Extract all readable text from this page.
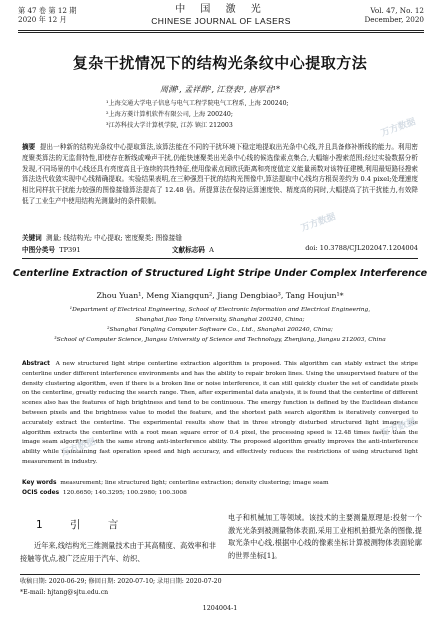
第 47 卷 第 12 期
2020 年 12 月
中 国 激 光
CHINESE JOURNAL OF LASERS
Vol. 47, No. 12
December, 2020
复杂干扰情况下的结构光条纹中心提取方法
周渊¹, 孟祥群², 江登表³, 唐厚君¹*
¹上海交通大学电子信息与电气工程学院电气工程系, 上海 200240;
²上海方菱计算机软件有限公司, 上海 200240;
³江苏科技大学计算机学院, 江苏 镇江 212003
摘要 提出一种新的结构光条纹中心提取算法,该算法能在不同的干扰环境下稳定地提取出光条中心线,并且具备修补断线的能力。利用密度聚类算法的无监督特性,即使存在断线或噪声干扰,仍能快速聚类出光条中心线的候选像素点集合,大幅缩小搜索范围;经过实验数据分析发现,不同场景的中心线还具有亮度高且于连续的共性特征,使用像素点间欧氏距离和亮度值定义能量函数对该特征建模,利用最短路径搜索算法迭代收敛实现中心线精确提取。实验结果表明,在三种强烈干扰的结构光图像中,算法提取中心线均方根误差约为 0.4 pixel;处理速度相比同样抗干扰能力较强的图像接缝算法提高了 12.48 倍。所提算法在保持运算速度快、精度高的同时,大幅提高了抗干扰能力,有效降低了工业生产中使用结构光测量时的条件限制。
关键词 测量; 线结构光; 中心提取; 密度聚类; 图像接缝
中图分类号 TP391	文献标志码 A	doi: 10.3788/CJL202047.1204004
Centerline Extraction of Structured Light Stripe Under Complex Interference
Zhou Yuan¹, Meng Xiangqun², Jiang Dengbiao³, Tang Houjun¹*
¹Department of Electrical Engineering, School of Electronic Information and Electrical Engineering,
Shanghai Jiao Tong University, Shanghai 200240, China;
²Shanghai Fangling Computer Software Co., Ltd., Shanghai 200240, China;
³School of Computer Science, Jiangsu University of Science and Technology, Zhenjiang, Jiangsu 212003, China
Abstract A new structured light stripe centerline extraction algorithm is proposed. This algorithm can stably extract the stripe centerline under different interference environments and has the ability to repair broken lines. Using the unsupervised feature of the density clustering algorithm, even if there is a broken line or noise interference, it can still quickly cluster the set of candidate pixels on the centerline, greatly reducing the search range. Then, after experimental data analysis, it is found that the centerline of different scenes also has the features of high brightness and tend to be continuous. The energy function is defined by the Euclidean distance between pixels and the brightness value to model the feature, and the shortest path search algorithm is iteratively converged to accurately extract the centerline. The experimental results show that in three strongly disturbed structured light images, the algorithm extracts the centerline with a root mean square error of 0.4 pixel, the processing speed is 12.48 times faster than the image seam algorithm with the same strong anti-interference ability. The proposed algorithm greatly improves the anti-interference ability while maintaining fast operation speed and high accuracy, and effectively reduces the restrictions of using structured light measurement in industry.
Key words measurement; line structured light; centerline extraction; density clustering; image seam
OCIS codes 120.6650; 140.3295; 100.2980; 100.3008
1 引 言
近年来,线结构光三维测量技术由于其高精度、高效率和非接触等优点,被广泛应用于汽车、纺织、
电子和机械加工等领域。该技术的主要测量原理是:投射一个激光光条到被测量物体表面,采用工业相机拍摄光条的图像,提取光条中心线,根据中心线的像素坐标计算被测物体表面轮廓的世界坐标[1]。
收稿日期: 2020-06-29; 修回日期: 2020-07-10; 录用日期: 2020-07-20
*E-mail: hjtang@sjtu.edu.cn
1204004-1
万方数据
万方数据
万方数据
万方数据
